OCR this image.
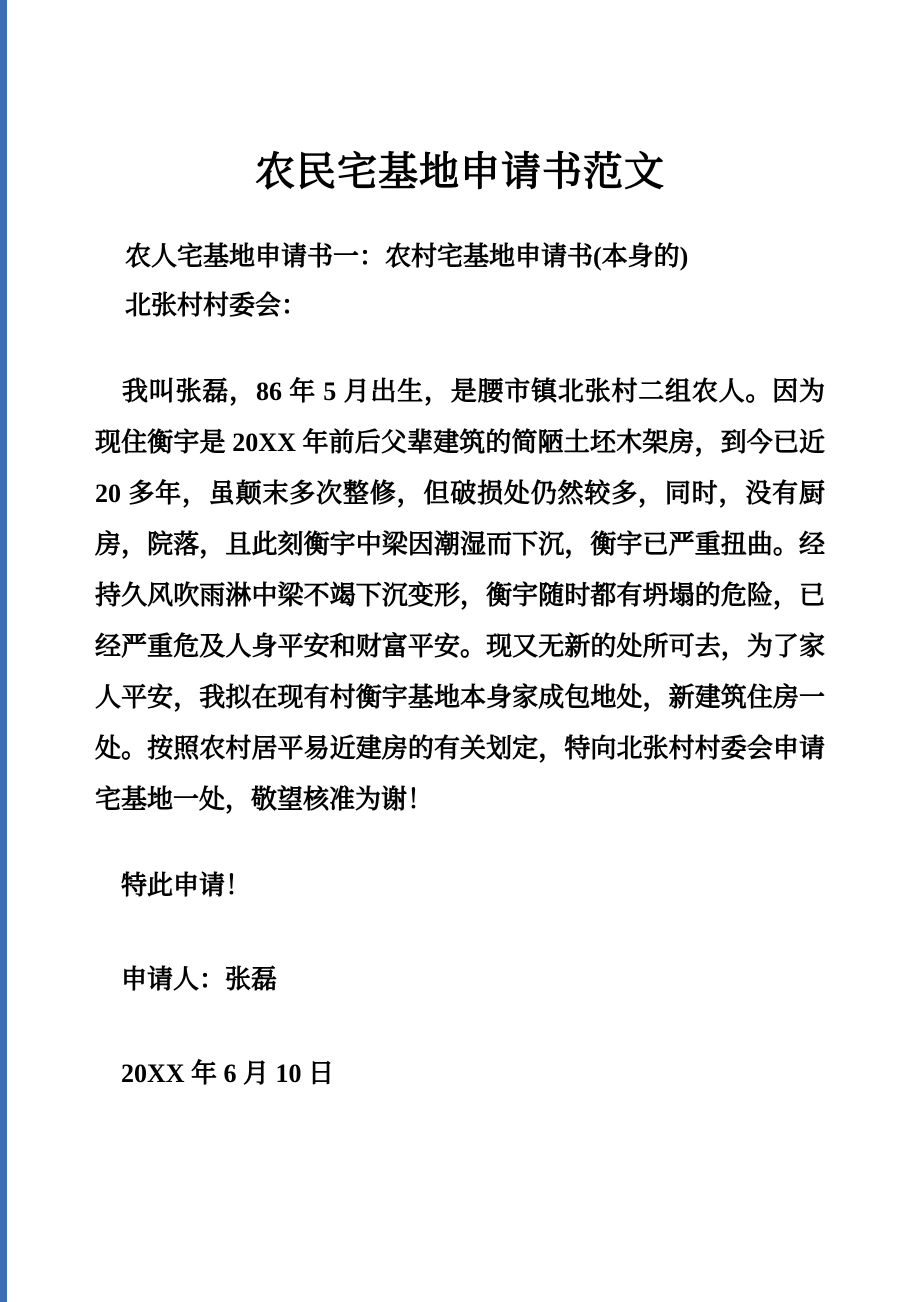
农民宅基地申请书范文

农人宅基地申请书一：农村宅基地申请书(本身的)

北张村村委会：

我叫张磊，86 年 5 月出生，是腰市镇北张村二组农人。因为现住衡宇是 20XX 年前后父辈建筑的简陋土坯木架房，到今已近 20 多年，虽颠末多次整修，但破损处仍然较多，同时，没有厨房，院落，且此刻衡宇中梁因潮湿而下沉，衡宇已严重扭曲。经持久风吹雨淋中梁不竭下沉变形，衡宇随时都有坍塌的危险，已经严重危及人身平安和财富平安。现又无新的处所可去，为了家人平安，我拟在现有村衡宇基地本身家成包地处，新建筑住房一处。按照农村居平易近建房的有关划定，特向北张村村委会申请宅基地一处，敬望核准为谢！
特此申请！
申请人：张磊
20XX 年 6 月 10 日
